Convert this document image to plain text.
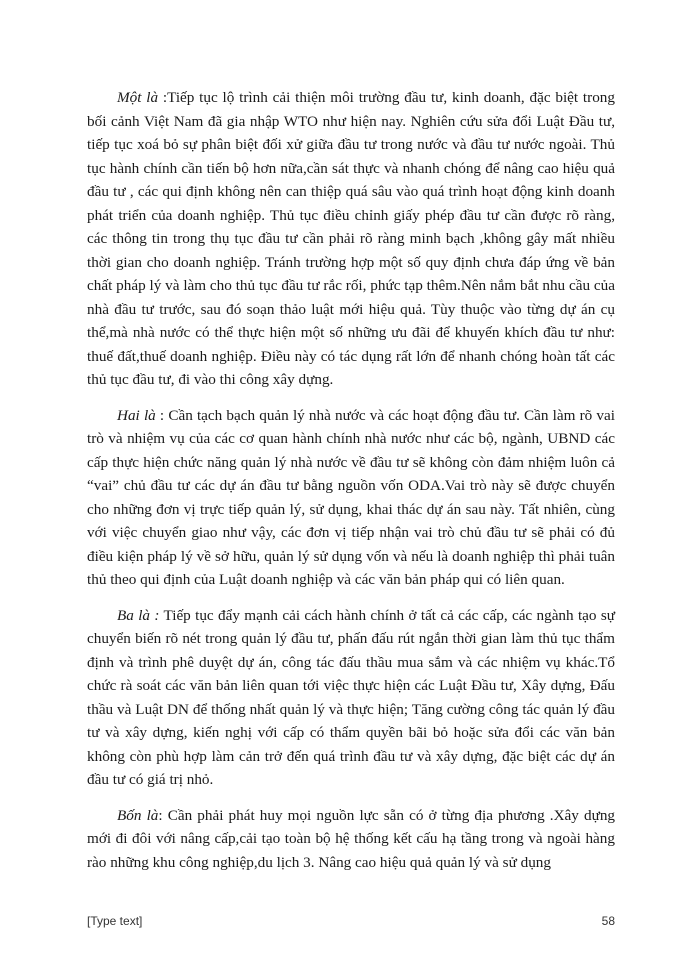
Một là :Tiếp tục lộ trình cải thiện môi trường đầu tư, kinh doanh, đặc biệt trong bối cảnh Việt Nam đã gia nhập WTO như hiện nay. Nghiên cứu sửa đổi Luật Đầu tư, tiếp tục xoá bỏ sự phân biệt đối xử giữa đầu tư trong nước và đầu tư nước ngoài. Thủ tục hành chính cần tiến bộ hơn nữa,cần sát thực và nhanh chóng để nâng cao hiệu quả đầu tư , các qui định không nên can thiệp quá sâu vào quá trình hoạt động kinh doanh phát triển của doanh nghiệp. Thủ tục điều chỉnh giấy phép đầu tư cần được rõ ràng, các thông tin trong thụ tục đầu tư cần phải rõ ràng minh bạch ,không gây mất nhiều thời gian cho doanh nghiệp. Tránh trường hợp một số quy định chưa đáp ứng về bản chất pháp lý và làm cho thủ tục đầu tư rắc rối, phức tạp thêm.Nên nắm bắt nhu cầu của nhà đầu tư trước, sau đó soạn thảo luật mới hiệu quả. Tùy thuộc vào từng dự án cụ thể,mà nhà nước có thể thực hiện một số những ưu đãi để khuyến khích đầu tư như: thuế đất,thuế doanh nghiệp. Điều này có tác dụng rất lớn để nhanh chóng hoàn tất các thủ tục đầu tư, đi vào thi công xây dựng.

Hai là : Cần tạch bạch quản lý nhà nước và các hoạt động đầu tư. Cần làm rõ vai trò và nhiệm vụ của các cơ quan hành chính nhà nước như các bộ, ngành, UBND các cấp thực hiện chức năng quản lý nhà nước về đầu tư sẽ không còn đảm nhiệm luôn cả “vai” chủ đầu tư các dự án đầu tư bằng nguồn vốn ODA.Vai trò này sẽ được chuyển cho những đơn vị trực tiếp quản lý, sử dụng, khai thác dự án sau này. Tất nhiên, cùng với việc chuyển giao như vậy, các đơn vị tiếp nhận vai trò chủ đầu tư sẽ phải có đủ điều kiện pháp lý về sở hữu, quản lý sử dụng vốn và nếu là doanh nghiệp thì phải tuân thủ theo qui định của Luật doanh nghiệp và các văn bản pháp qui có liên quan.

Ba là : Tiếp tục đẩy mạnh cải cách hành chính ở tất cả các cấp, các ngành tạo sự chuyển biến rõ nét trong quản lý đầu tư, phấn đấu rút ngắn thời gian làm thủ tục thẩm định và trình phê duyệt dự án, công tác đấu thầu mua sắm và các nhiệm vụ khác.Tổ chức rà soát các văn bản liên quan tới việc thực hiện các Luật Đầu tư, Xây dựng, Đấu thầu và Luật DN để thống nhất quản lý và thực hiện; Tăng cường công tác quản lý đầu tư và xây dựng, kiến nghị với cấp có thẩm quyền bãi bỏ hoặc sửa đổi các văn bản không còn phù hợp làm cản trở đến quá trình đầu tư và xây dựng, đặc biệt các dự án đầu tư có giá trị nhỏ.

Bốn là: Cần phải phát huy mọi nguồn lực sẵn có ở từng địa phương .Xây dựng mới đi đôi với nâng cấp,cải tạo toàn bộ hệ thống kết cấu hạ tầng trong và ngoài hàng rào những khu công nghiệp,du lịch 3. Nâng cao hiệu quả quản lý và sử dụng

[Type text]	58
